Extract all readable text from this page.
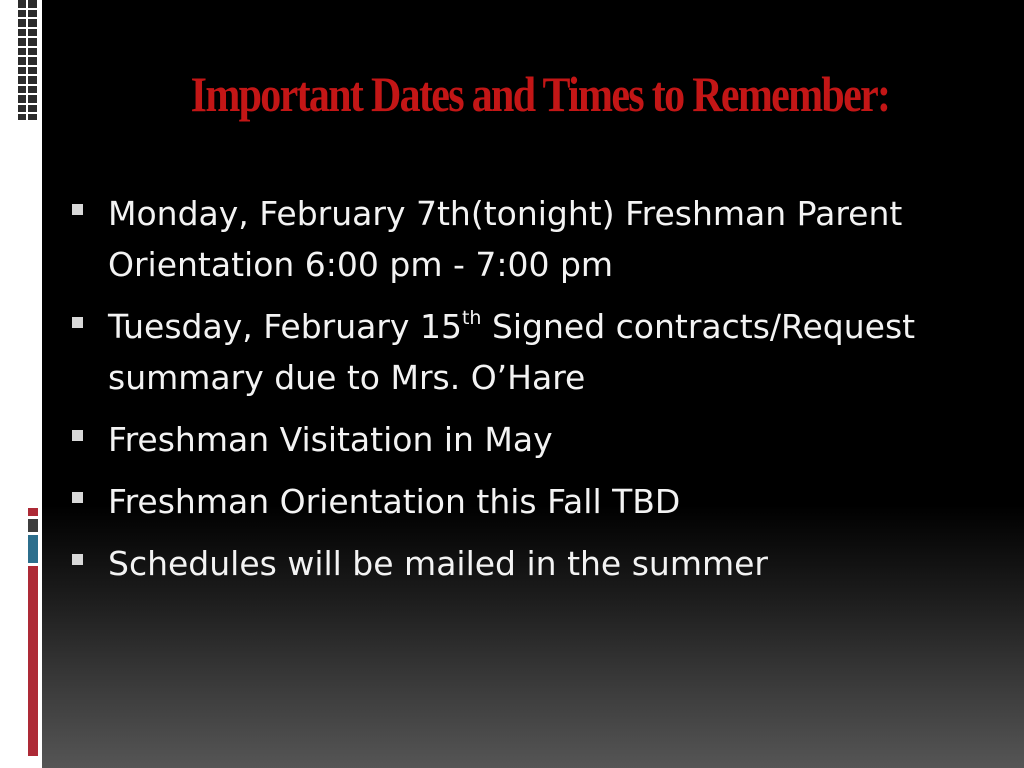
Important Dates and Times to Remember:
Monday, February 7th(tonight) Freshman Parent Orientation 6:00 pm - 7:00 pm
Tuesday, February 15th Signed contracts/Request summary due to Mrs. O’Hare
Freshman Visitation in May
Freshman Orientation this Fall TBD
Schedules will be mailed in the summer
